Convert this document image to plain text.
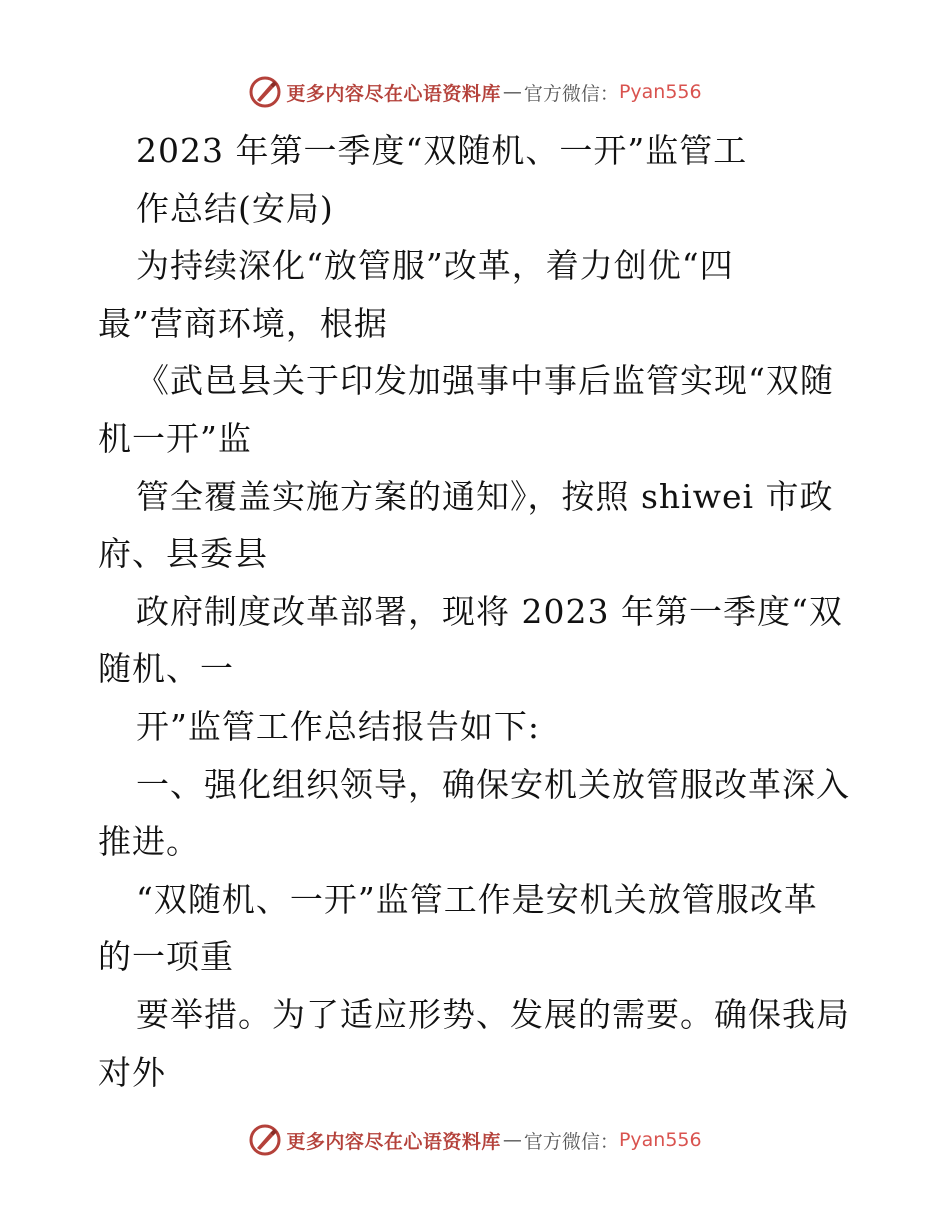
更多内容尽在心语资料库 — 官方微信： Pyan556
2023 年第一季度“双随机、一开”监管工
作总结(安局)
为持续深化“放管服”改革，着力创优“四
最”营商环境，根据
《武邑县关于印发加强事中事后监管实现“双随
机一开”监
管全覆盖实施方案的通知》，按照 shiwei 市政
府、县委县
政府制度改革部署，现将 2023 年第一季度“双
随机、一
开”监管工作总结报告如下:
一、强化组织领导，确保安机关放管服改革深入
推进。
“双随机、一开”监管工作是安机关放管服改革
的一项重
要举措。为了适应形势、发展的需要。确保我局
对外
更多内容尽在心语资料库 — 官方微信： Pyan556
